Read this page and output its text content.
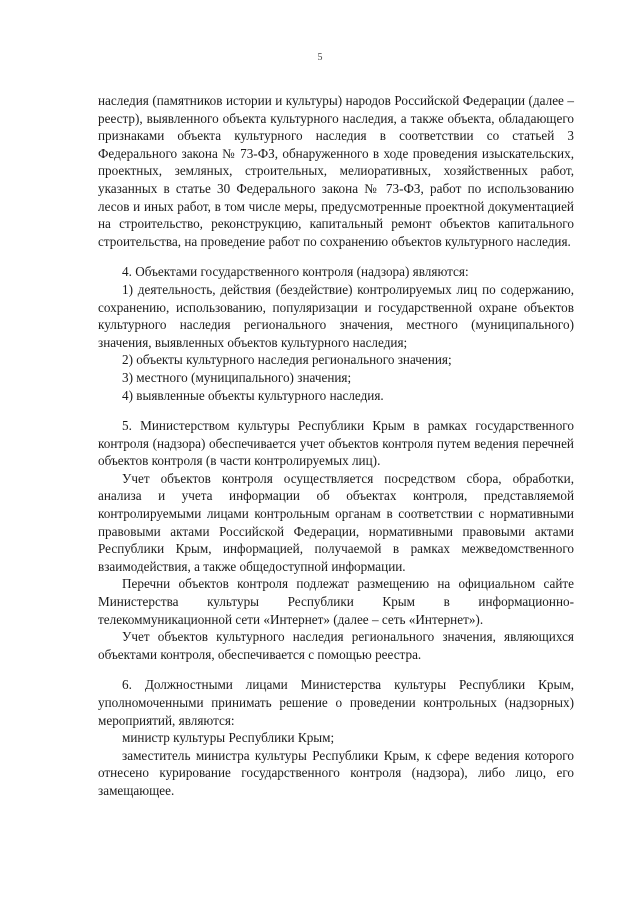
5

наследия (памятников истории и культуры) народов Российской Федерации (далее – реестр), выявленного объекта культурного наследия, а также объекта, обладающего признаками объекта культурного наследия в соответствии со статьей 3 Федерального закона № 73-ФЗ, обнаруженного в ходе проведения изыскательских, проектных, земляных, строительных, мелиоративных, хозяйственных работ, указанных в статье 30 Федерального закона № 73-ФЗ, работ по использованию лесов и иных работ, в том числе меры, предусмотренные проектной документацией на строительство, реконструкцию, капитальный ремонт объектов капитального строительства, на проведение работ по сохранению объектов культурного наследия.

4. Объектами государственного контроля (надзора) являются:

1) деятельность, действия (бездействие) контролируемых лиц по содержанию, сохранению, использованию, популяризации и государственной охране объектов культурного наследия регионального значения, местного (муниципального) значения, выявленных объектов культурного наследия;

2) объекты культурного наследия регионального значения;

3) местного (муниципального) значения;

4) выявленные объекты культурного наследия.

5. Министерством культуры Республики Крым в рамках государственного контроля (надзора) обеспечивается учет объектов контроля путем ведения перечней объектов контроля (в части контролируемых лиц).

Учет объектов контроля осуществляется посредством сбора, обработки, анализа и учета информации об объектах контроля, представляемой контролируемыми лицами контрольным органам в соответствии с нормативными правовыми актами Российской Федерации, нормативными правовыми актами Республики Крым, информацией, получаемой в рамках межведомственного взаимодействия, а также общедоступной информации.

Перечни объектов контроля подлежат размещению на официальном сайте Министерства культуры Республики Крым в информационно-телекоммуникационной сети «Интернет» (далее – сеть «Интернет»).

Учет объектов культурного наследия регионального значения, являющихся объектами контроля, обеспечивается с помощью реестра.

6. Должностными лицами Министерства культуры Республики Крым, уполномоченными принимать решение о проведении контрольных (надзорных) мероприятий, являются:

министр культуры Республики Крым;

заместитель министра культуры Республики Крым, к сфере ведения которого отнесено курирование государственного контроля (надзора), либо лицо, его замещающее.
